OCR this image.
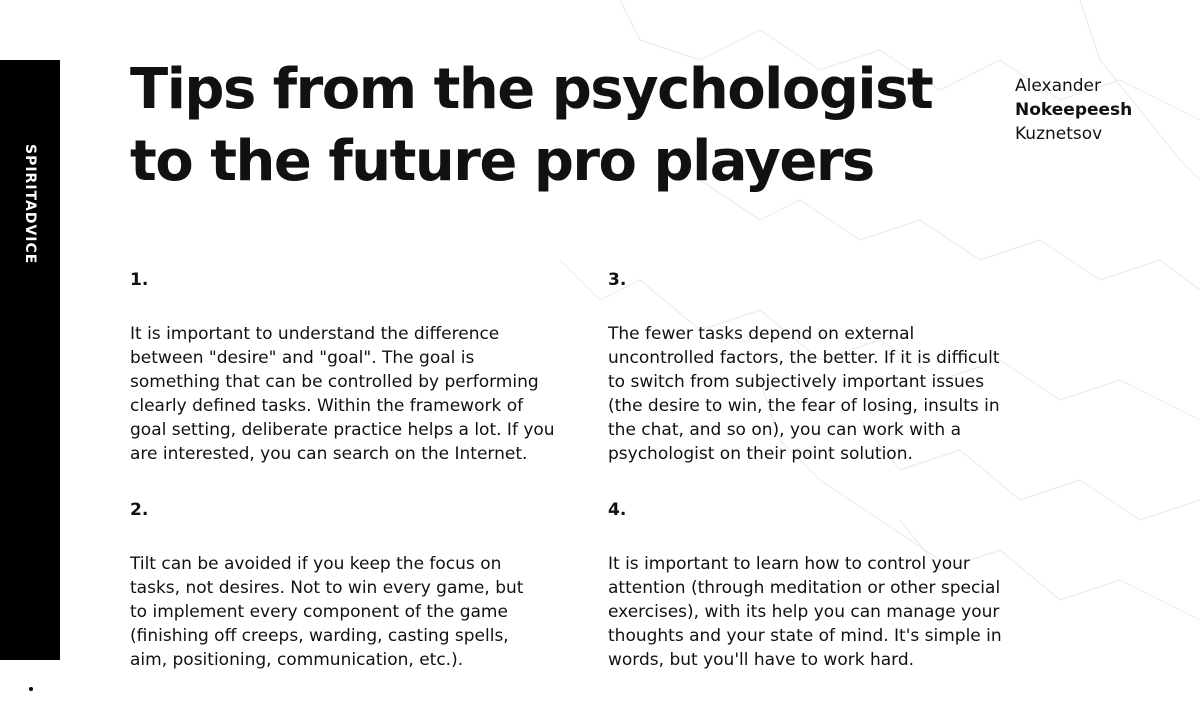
SPIRITADVICE
Tips from the psychologist
to the future pro players
Alexander
Nokeepeesh
Kuznetsov
1.
It is important to understand the difference
between "desire" and "goal". The goal is
something that can be controlled by performing
clearly defined tasks. Within the framework of
goal setting, deliberate practice helps a lot. If you
are interested, you can search on the Internet.
2.
Tilt can be avoided if you keep the focus on
tasks, not desires. Not to win every game, but
to implement every component of the game
(finishing off creeps, warding, casting spells,
aim, positioning, communication, etc.).
3.
The fewer tasks depend on external
uncontrolled factors, the better. If it is difficult
to switch from subjectively important issues
(the desire to win, the fear of losing, insults in
the chat, and so on), you can work with a
psychologist on their point solution.
4.
It is important to learn how to control your
attention (through meditation or other special
exercises), with its help you can manage your
thoughts and your state of mind. It's simple in
words, but you'll have to work hard.
